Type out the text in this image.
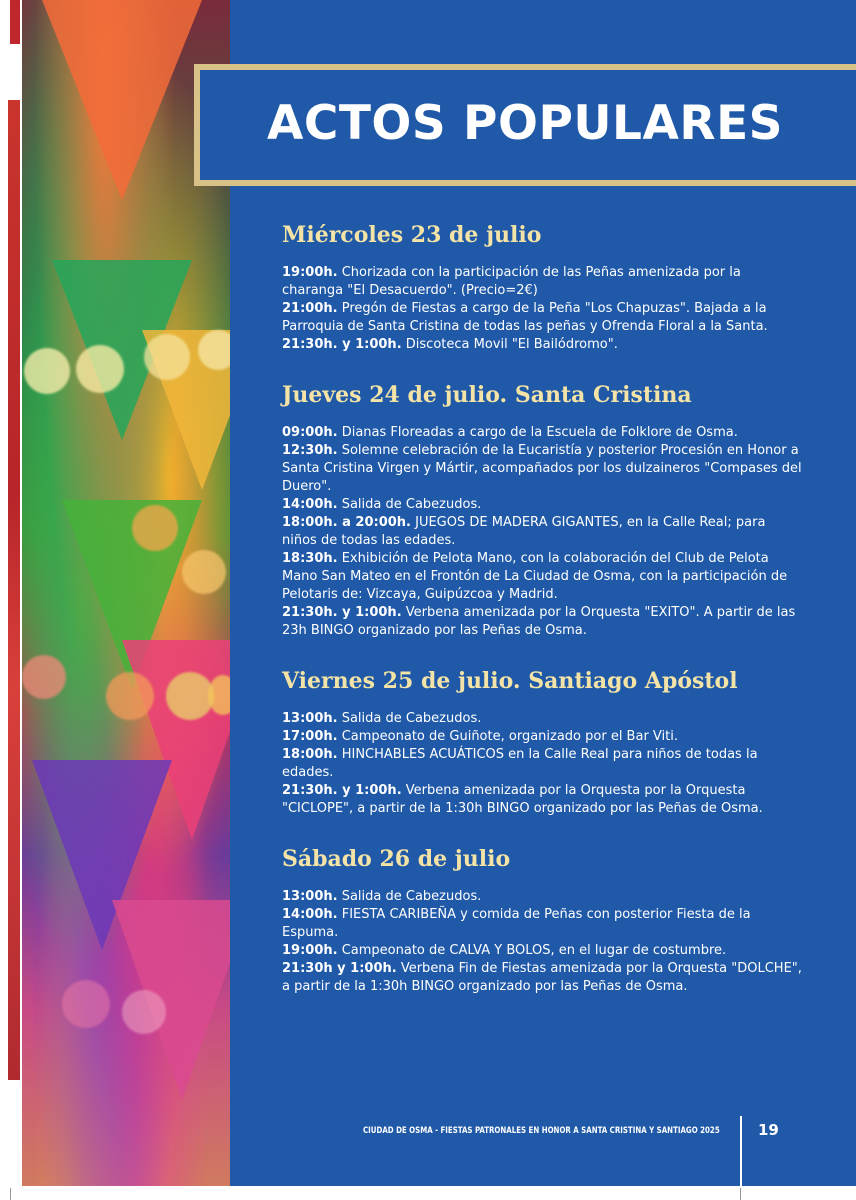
ACTOS POPULARES
Miércoles 23 de julio
19:00h. Chorizada con la participación de las Peñas amenizada por la charanga "El Desacuerdo". (Precio=2€)
21:00h. Pregón de Fiestas a cargo de la Peña "Los Chapuzas". Bajada a la Parroquia de Santa Cristina de todas las peñas y Ofrenda Floral a la Santa.
21:30h. y 1:00h. Discoteca Movil "El Bailódromo".
Jueves 24 de julio. Santa Cristina
09:00h. Dianas Floreadas a cargo de la Escuela de Folklore de Osma.
12:30h. Solemne celebración de la Eucaristía y posterior Procesión en Honor a Santa Cristina Virgen y Mártir, acompañados por los dulzaineros "Compases del Duero".
14:00h. Salida de Cabezudos.
18:00h. a 20:00h. JUEGOS DE MADERA GIGANTES, en la Calle Real; para niños de todas las edades.
18:30h. Exhibición de Pelota Mano, con la colaboración del Club de Pelota Mano San Mateo en el Frontón de La Ciudad de Osma, con la participación de Pelotaris de: Vizcaya, Guipúzcoa y Madrid.
21:30h. y 1:00h. Verbena amenizada por la Orquesta "EXITO". A partir de las 23h BINGO organizado por las Peñas de Osma.
Viernes 25 de julio. Santiago Apóstol
13:00h. Salida de Cabezudos.
17:00h. Campeonato de Guiñote, organizado por el Bar Viti.
18:00h. HINCHABLES ACUÁTICOS en la Calle Real para niños de todas la edades.
21:30h. y 1:00h. Verbena amenizada por la Orquesta por la Orquesta "CICLOPE", a partir de la 1:30h BINGO organizado por las Peñas de Osma.
Sábado 26 de julio
13:00h. Salida de Cabezudos.
14:00h. FIESTA CARIBEÑA y comida de Peñas con posterior Fiesta de la Espuma.
19:00h. Campeonato de CALVA Y BOLOS, en el lugar de costumbre.
21:30h y 1:00h. Verbena Fin de Fiestas amenizada por la Orquesta "DOLCHE", a partir de la 1:30h BINGO organizado por las Peñas de Osma.
CIUDAD DE OSMA - FIESTAS PATRONALES EN HONOR A SANTA CRISTINA Y SANTIAGO 2025	19
